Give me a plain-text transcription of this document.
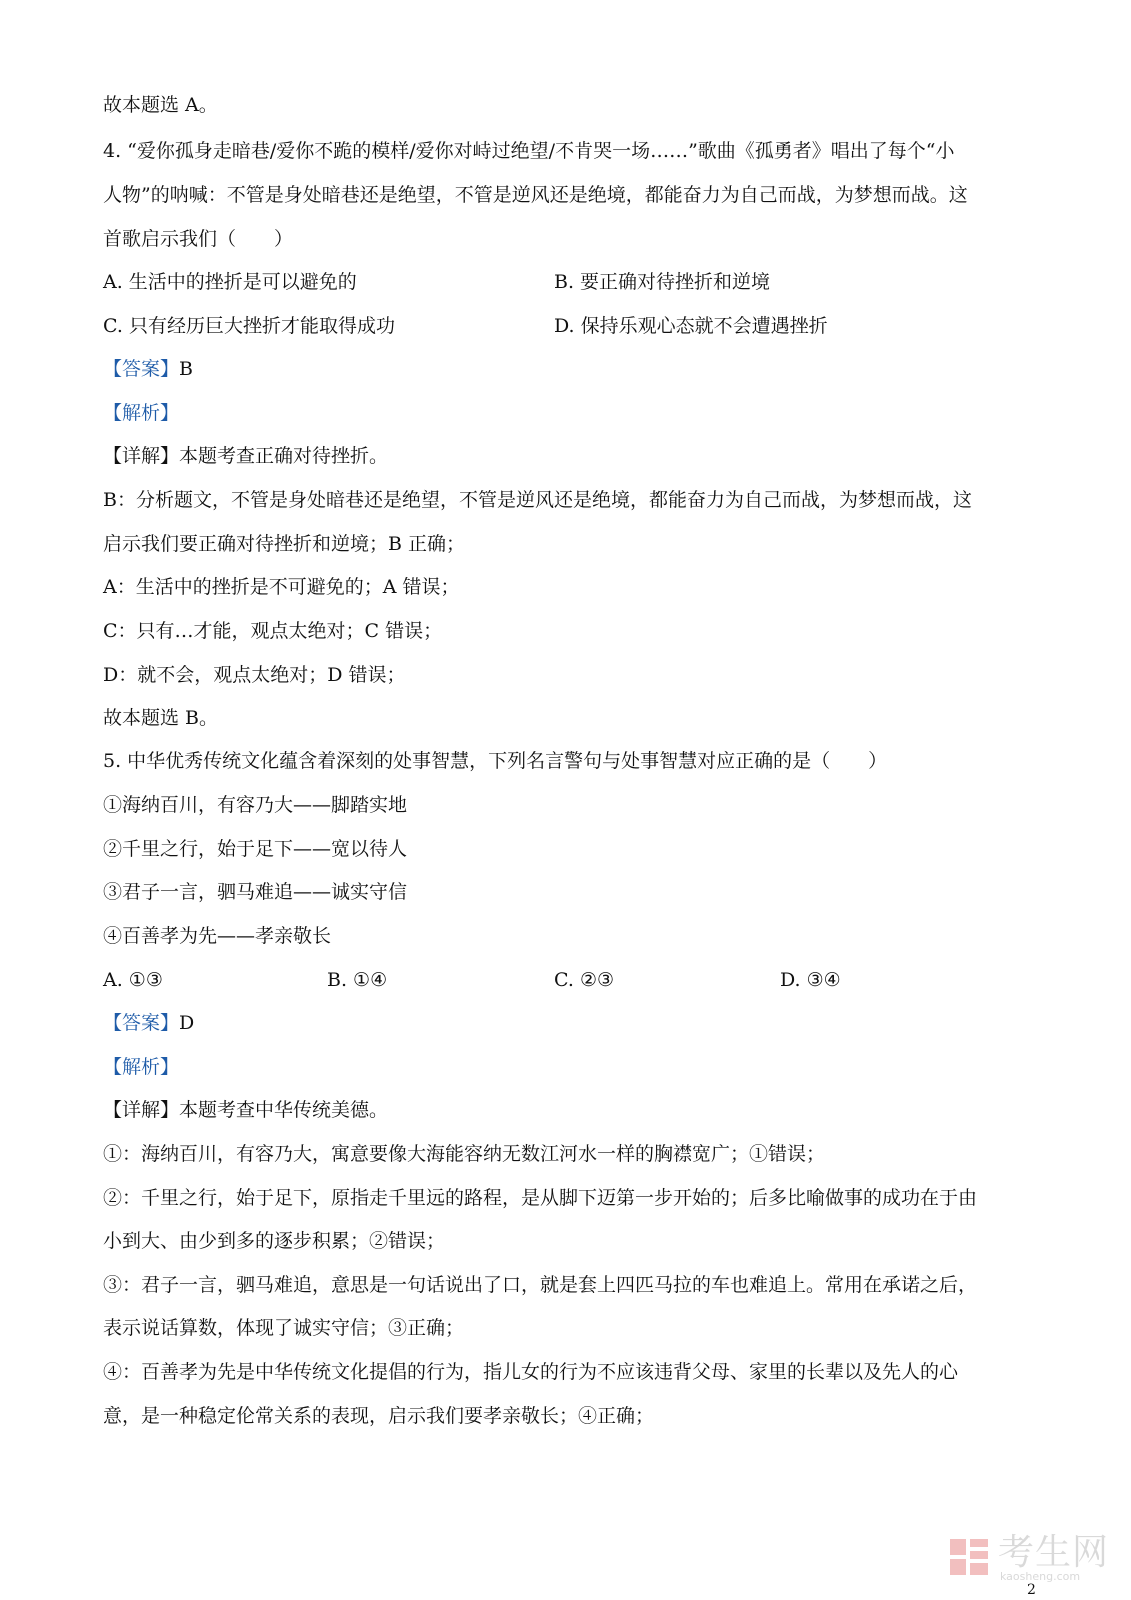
故本题选 A。
4. “爱你孤身走暗巷/爱你不跪的模样/爱你对峙过绝望/不肯哭一场……”歌曲《孤勇者》唱出了每个“小
人物”的呐喊：不管是身处暗巷还是绝望，不管是逆风还是绝境，都能奋力为自己而战，为梦想而战。这
首歌启示我们（　　）
A. 生活中的挫折是可以避免的	B. 要正确对待挫折和逆境
C. 只有经历巨大挫折才能取得成功	D. 保持乐观心态就不会遭遇挫折
【答案】B
【解析】
【详解】本题考查正确对待挫折。
B：分析题文，不管是身处暗巷还是绝望，不管是逆风还是绝境，都能奋力为自己而战，为梦想而战，这
启示我们要正确对待挫折和逆境；B 正确；
A：生活中的挫折是不可避免的；A 错误；
C：只有…才能，观点太绝对；C 错误；
D：就不会，观点太绝对；D 错误；
故本题选 B。
5. 中华优秀传统文化蕴含着深刻的处事智慧，下列名言警句与处事智慧对应正确的是（　　）
①海纳百川，有容乃大——脚踏实地
②千里之行，始于足下——宽以待人
③君子一言，驷马难追——诚实守信
④百善孝为先——孝亲敬长
A. ①③	B. ①④	C. ②③	D. ③④
【答案】D
【解析】
【详解】本题考查中华传统美德。
①：海纳百川，有容乃大，寓意要像大海能容纳无数江河水一样的胸襟宽广；①错误；
②：千里之行，始于足下，原指走千里远的路程，是从脚下迈第一步开始的；后多比喻做事的成功在于由
小到大、由少到多的逐步积累；②错误；
③：君子一言，驷马难追，意思是一句话说出了口，就是套上四匹马拉的车也难追上。常用在承诺之后，
表示说话算数，体现了诚实守信；③正确；
④：百善孝为先是中华传统文化提倡的行为，指儿女的行为不应该违背父母、家里的长辈以及先人的心
意，是一种稳定伦常关系的表现，启示我们要孝亲敬长；④正确；
考生网
kaosheng.com
2
